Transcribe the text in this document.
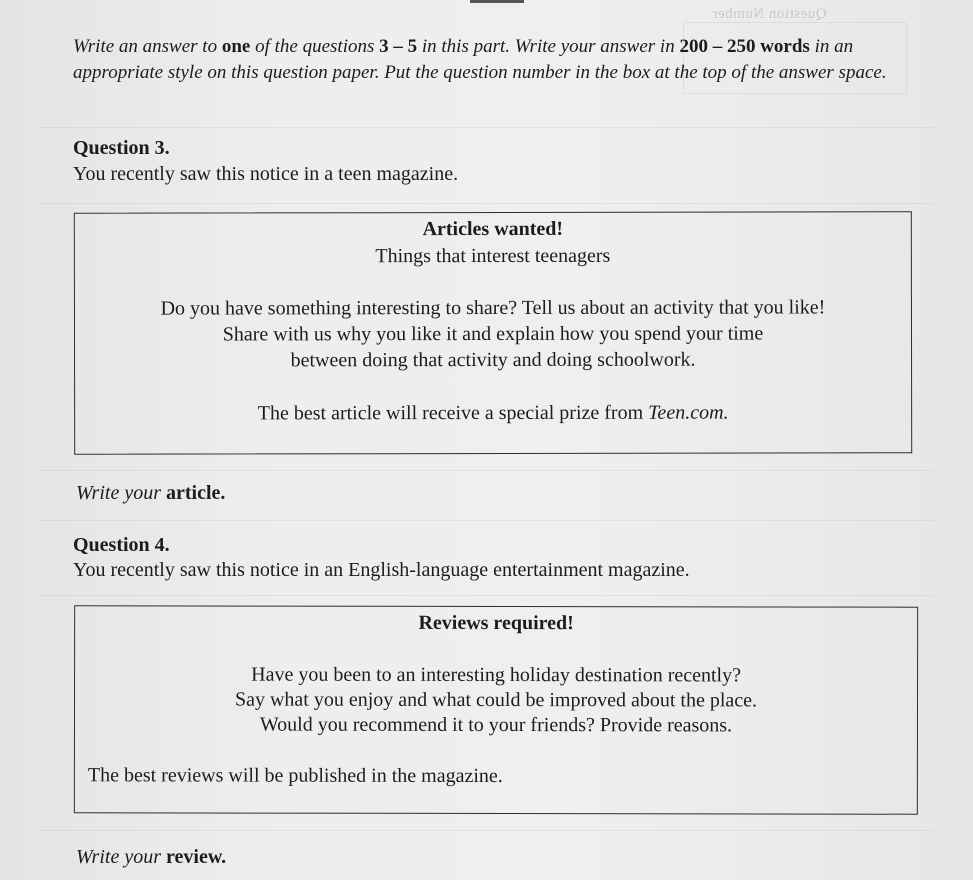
Question Number
Write an answer to one of the questions 3 – 5 in this part. Write your answer in 200 – 250 words in an appropriate style on this question paper. Put the question number in the box at the top of the answer space.
Question 3.
You recently saw this notice in a teen magazine.
Articles wanted!
Things that interest teenagers
Do you have something interesting to share? Tell us about an activity that you like!
Share with us why you like it and explain how you spend your time
between doing that activity and doing schoolwork.
The best article will receive a special prize from Teen.com.
Write your article.
Question 4.
You recently saw this notice in an English-language entertainment magazine.
Reviews required!
Have you been to an interesting holiday destination recently?
Say what you enjoy and what could be improved about the place.
Would you recommend it to your friends? Provide reasons.
The best reviews will be published in the magazine.
Write your review.
